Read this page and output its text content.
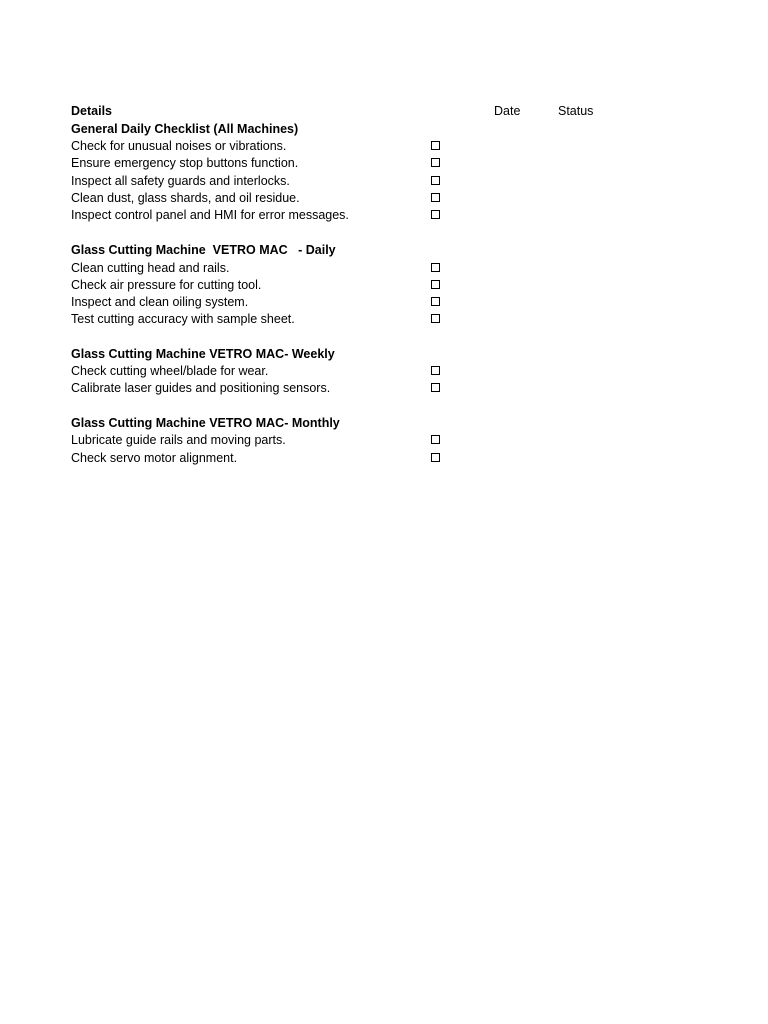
Details	Date	Status
General Daily Checklist (All Machines)
Check for unusual noises or vibrations.
Ensure emergency stop buttons function.
Inspect all safety guards and interlocks.
Clean dust, glass shards, and oil residue.
Inspect control panel and HMI for error messages.
Glass Cutting Machine  VETRO MAC   - Daily
Clean cutting head and rails.
Check air pressure for cutting tool.
Inspect and clean oiling system.
Test cutting accuracy with sample sheet.
Glass Cutting Machine VETRO MAC- Weekly
Check cutting wheel/blade for wear.
Calibrate laser guides and positioning sensors.
Glass Cutting Machine VETRO MAC- Monthly
Lubricate guide rails and moving parts.
Check servo motor alignment.
